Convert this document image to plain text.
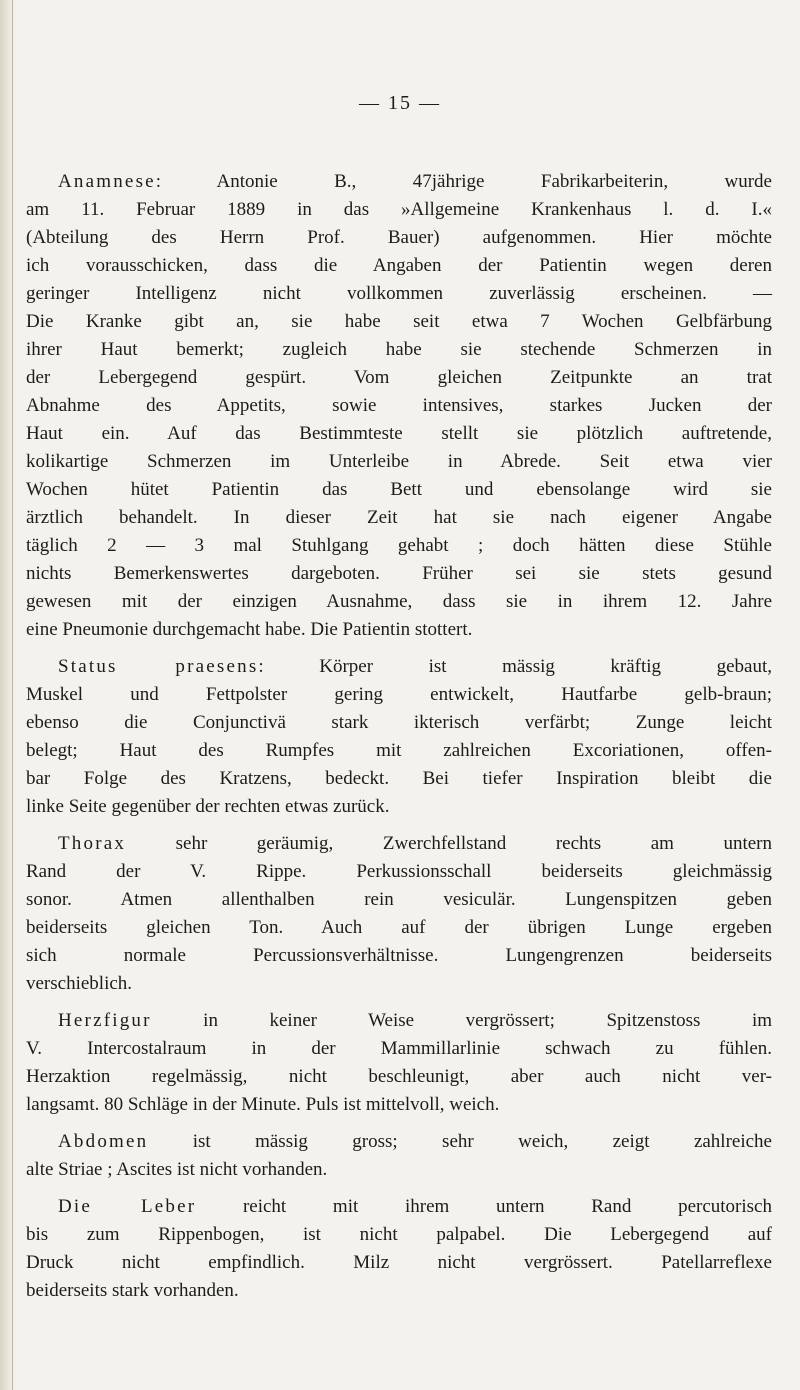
— 15 —
Anamnese: Antonie B., 47jährige Fabrikarbeiterin, wurde
am 11. Februar 1889 in das »Allgemeine Krankenhaus l. d. I.«
(Abteilung des Herrn Prof. Bauer) aufgenommen. Hier möchte
ich vorausschicken, dass die Angaben der Patientin wegen deren
geringer Intelligenz nicht vollkommen zuverlässig erscheinen. —
Die Kranke gibt an, sie habe seit etwa 7 Wochen Gelbfärbung
ihrer Haut bemerkt; zugleich habe sie stechende Schmerzen in
der Lebergegend gespürt. Vom gleichen Zeitpunkte an trat
Abnahme des Appetits, sowie intensives, starkes Jucken der
Haut ein. Auf das Bestimmteste stellt sie plötzlich auftretende,
kolikartige Schmerzen im Unterleibe in Abrede. Seit etwa vier
Wochen hütet Patientin das Bett und ebensolange wird sie
ärztlich behandelt. In dieser Zeit hat sie nach eigener Angabe
täglich 2 — 3 mal Stuhlgang gehabt ; doch hätten diese Stühle
nichts Bemerkenswertes dargeboten. Früher sei sie stets gesund
gewesen mit der einzigen Ausnahme, dass sie in ihrem 12. Jahre
eine Pneumonie durchgemacht habe. Die Patientin stottert.
Status praesens: Körper ist mässig kräftig gebaut,
Muskel und Fettpolster gering entwickelt, Hautfarbe gelb-braun;
ebenso die Conjunctivä stark ikterisch verfärbt; Zunge leicht
belegt; Haut des Rumpfes mit zahlreichen Excoriationen, offen-
bar Folge des Kratzens, bedeckt. Bei tiefer Inspiration bleibt die
linke Seite gegenüber der rechten etwas zurück.
Thorax sehr geräumig, Zwerchfellstand rechts am untern
Rand der V. Rippe. Perkussionsschall beiderseits gleichmässig
sonor. Atmen allenthalben rein vesiculär. Lungenspitzen geben
beiderseits gleichen Ton. Auch auf der übrigen Lunge ergeben
sich normale Percussionsverhältnisse. Lungengrenzen beiderseits
verschieblich.
Herzfigur in keiner Weise vergrössert; Spitzenstoss im
V. Intercostalraum in der Mammillarlinie schwach zu fühlen.
Herzaktion regelmässig, nicht beschleunigt, aber auch nicht ver-
langsamt. 80 Schläge in der Minute. Puls ist mittelvoll, weich.
Abdomen ist mässig gross; sehr weich, zeigt zahlreiche
alte Striae ; Ascites ist nicht vorhanden.
Die Leber reicht mit ihrem untern Rand percutorisch
bis zum Rippenbogen, ist nicht palpabel. Die Lebergegend auf
Druck nicht empfindlich. Milz nicht vergrössert. Patellarreflexe
beiderseits stark vorhanden.
